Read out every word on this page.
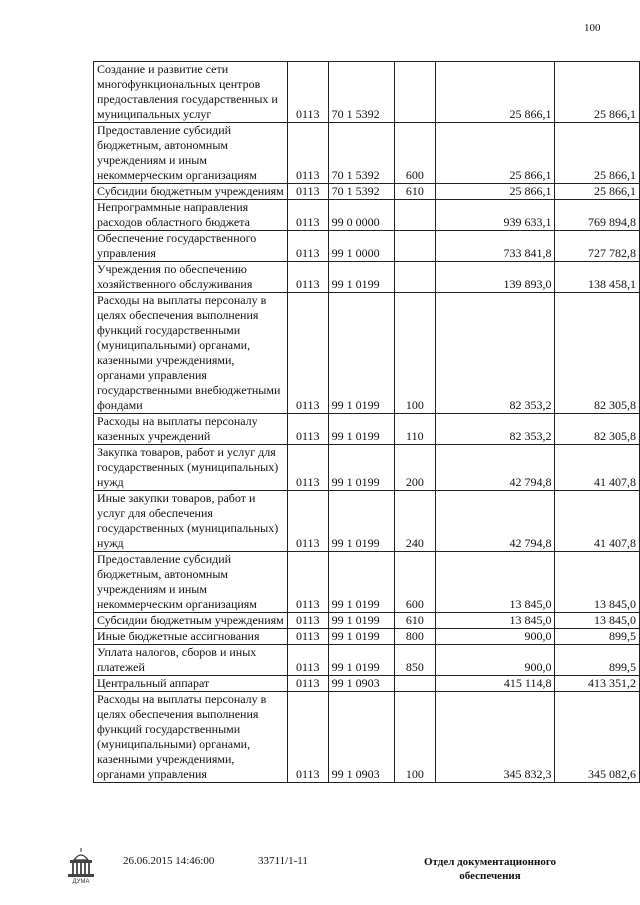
100
Создание и развитие сети многофункциональных центров предоставления государственных и муниципальных услуг	0113	70 1 5392		25 866,1	25 866,1
Предоставление субсидий бюджетным, автономным учреждениям и иным некоммерческим организациям	0113	70 1 5392	600	25 866,1	25 866,1
Субсидии бюджетным учреждениям	0113	70 1 5392	610	25 866,1	25 866,1
Непрограммные направления расходов областного бюджета	0113	99 0 0000		939 633,1	769 894,8
Обеспечение государственного управления	0113	99 1 0000		733 841,8	727 782,8
Учреждения по обеспечению хозяйственного обслуживания	0113	99 1 0199		139 893,0	138 458,1
Расходы на выплаты персоналу в целях обеспечения выполнения функций государственными (муниципальными) органами, казенными учреждениями, органами управления государственными внебюджетными фондами	0113	99 1 0199	100	82 353,2	82 305,8
Расходы на выплаты персоналу казенных учреждений	0113	99 1 0199	110	82 353,2	82 305,8
Закупка товаров, работ и услуг для государственных (муниципальных) нужд	0113	99 1 0199	200	42 794,8	41 407,8
Иные закупки товаров, работ и услуг для обеспечения государственных (муниципальных) нужд	0113	99 1 0199	240	42 794,8	41 407,8
Предоставление субсидий бюджетным, автономным учреждениям и иным некоммерческим организациям	0113	99 1 0199	600	13 845,0	13 845,0
Субсидии бюджетным учреждениям	0113	99 1 0199	610	13 845,0	13 845,0
Иные бюджетные ассигнования	0113	99 1 0199	800	900,0	899,5
Уплата налогов, сборов и иных платежей	0113	99 1 0199	850	900,0	899,5
Центральный аппарат	0113	99 1 0903		415 114,8	413 351,2
Расходы на выплаты персоналу в целях обеспечения выполнения функций государственными (муниципальными) органами, казенными учреждениями, органами управления	0113	99 1 0903	100	345 832,3	345 082,6
ДУМА
26.06.2015 14:46:00	33711/1-11	Отдел документационного
обеспечения
